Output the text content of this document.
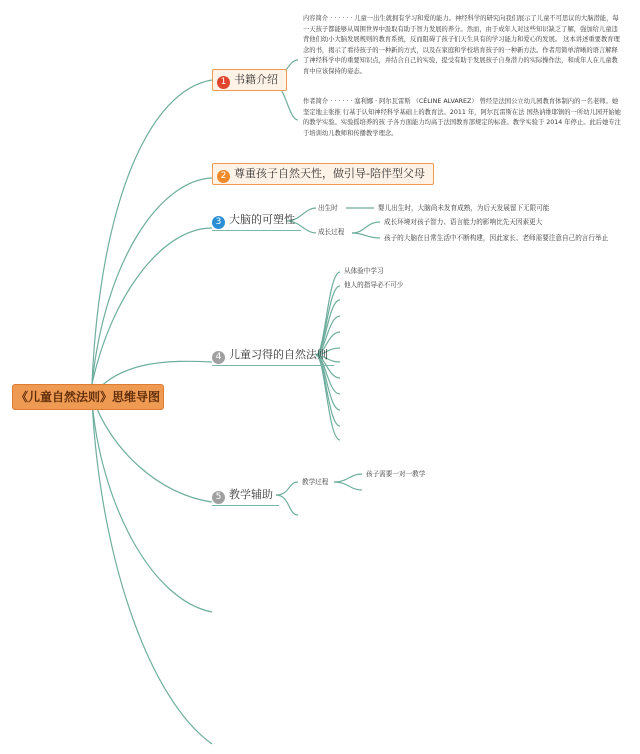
《儿童自然法则》思维导图
1 书籍介绍
内容简介 · · · · · · 儿童一出生就拥有学习和爱的能力。神经科学的研究向我们展示了儿童不可思议的大脑潜能，每一天孩子都能够从周围世界中汲取有助于智力发展的养分。然而，由于成年人对这些知识缺乏了解，强加给儿童违背他们幼小大脑发展规则的教育系统，反而阻碍了孩子们天生具有的学习能力和爱心的发展。 这本讲述重要教育理念的书，揭示了看待孩子的一种新的方式，以及在家庭和学校培育孩子的一种新方法。作者用简单清晰的语言解释了神经科学中的重要知识点，并结合自己的实验，提受有助于发展孩子自身潜力的实际操作法，和成年人在儿童教育中应该保持的姿态。
作者简介 · · · · · · 塞利娜 · 阿尔瓦雷斯 （CÉLINE ALVAREZ） 曾经是法国公立幼儿园教育体制内的一名老师。她坚定地主张推 行基于认知神经科学基础上的教育法。2011 年，阿尔瓦雷斯在法 国热讷维耶镇的一所幼儿园开始她的教学实验。实验摇培养的孩 子各方面能力均高于法国教育部规定的标准。教学实验于 2014 年停止。此后她专注于培训幼儿教师和传播教学理念。
2 尊重孩子自然天性，做引导-陪伴型父母
3 大脑的可塑性
出生时	婴儿出生时，大脑尚未发育成熟，为后天发展留下无限可能
成长过程
成长环境对孩子智力、语言能力的影响比先天因素更大
孩子的大脑在日常生活中不断构建，因此家长、老师需要注意自己的言行举止
4 儿童习得的自然法则
从体验中学习
他人的指导必不可少
5 教学辅助
教学过程
孩子需要一对一教学
